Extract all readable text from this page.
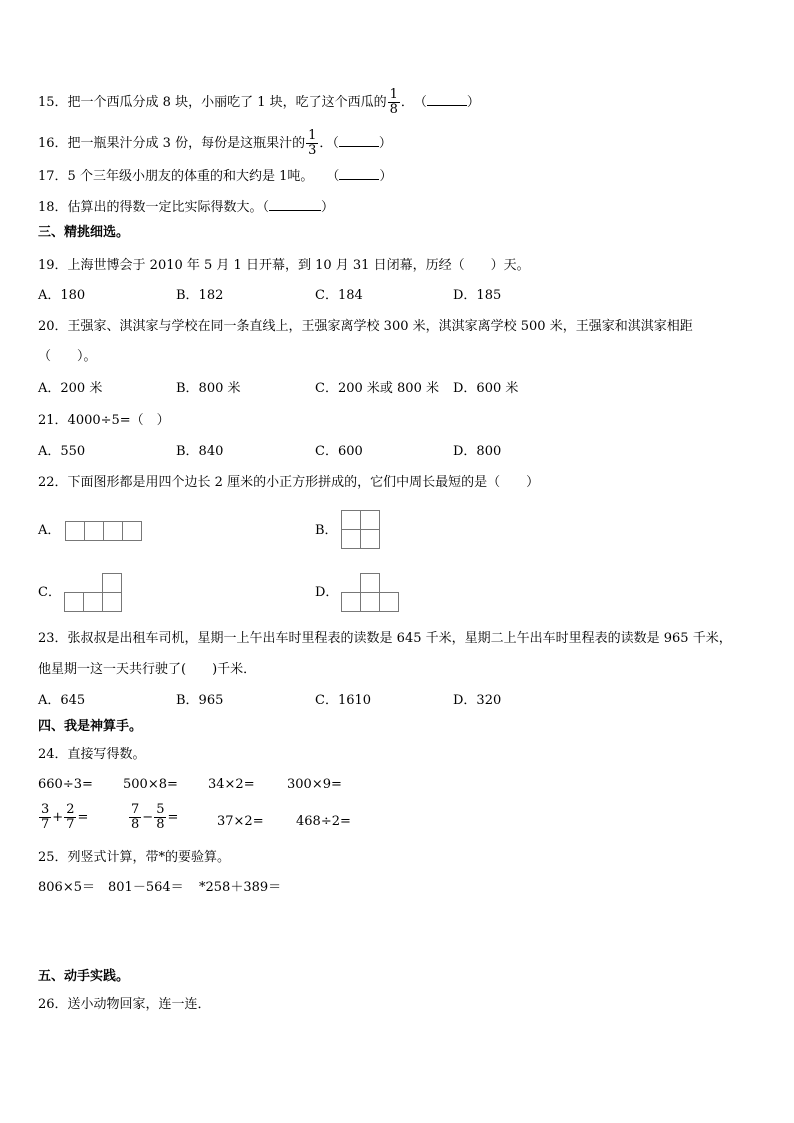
15．把一个西瓜分成 8 块，小丽吃了 1 块，吃了这个西瓜的 $\frac{1}{8}$ ．　（	）
16．把一瓶果汁分成 3 份，每份是这瓶果汁的 $\frac{1}{3}$ ．（	）
17．5 个三年级小朋友的体重的和大约是 1吨。　　（	）
18．估算出的得数一定比实际得数大。（	）
三、精挑细选。
19．上海世博会于 2010 年 5 月 1 日开幕，到 10 月 31 日闭幕，历经（　　）天。
A．180	B．182	C．184	D．185
20．王强家、淇淇家与学校在同一条直线上，王强家离学校 300 米，淇淇家离学校 500 米，王强家和淇淇家相距
（　　）。
A．200 米	B．800 米	C．200 米或 800 米 D．600 米
21．4000÷5=（　）
A．550	B．840	C．600	D．800
22．下面图形都是用四个边长 2 厘米的小正方形拼成的，它们中周长最短的是（　　）
A．	B．
C．	D．
23．张叔叔是出租车司机，星期一上午出车时里程表的读数是 645 千米，星期二上午出车时里程表的读数是 965 千米，
他星期一这一天共行驶了(　　)千米．
A．645	B．965	C．1610	D．320
四、我是神算手。
24．直接写得数。
660÷3= 500×8= 34×2= 300×9=
$\frac{3}{7} + \frac{2}{7}$ =	$\frac{7}{8} - \frac{5}{8}$ =	37×2= 468÷2=
25．列竖式计算，带*的要验算。
806×5＝ 801－564＝ *258＋389＝
五、动手实践。
26．送小动物回家，连一连．
